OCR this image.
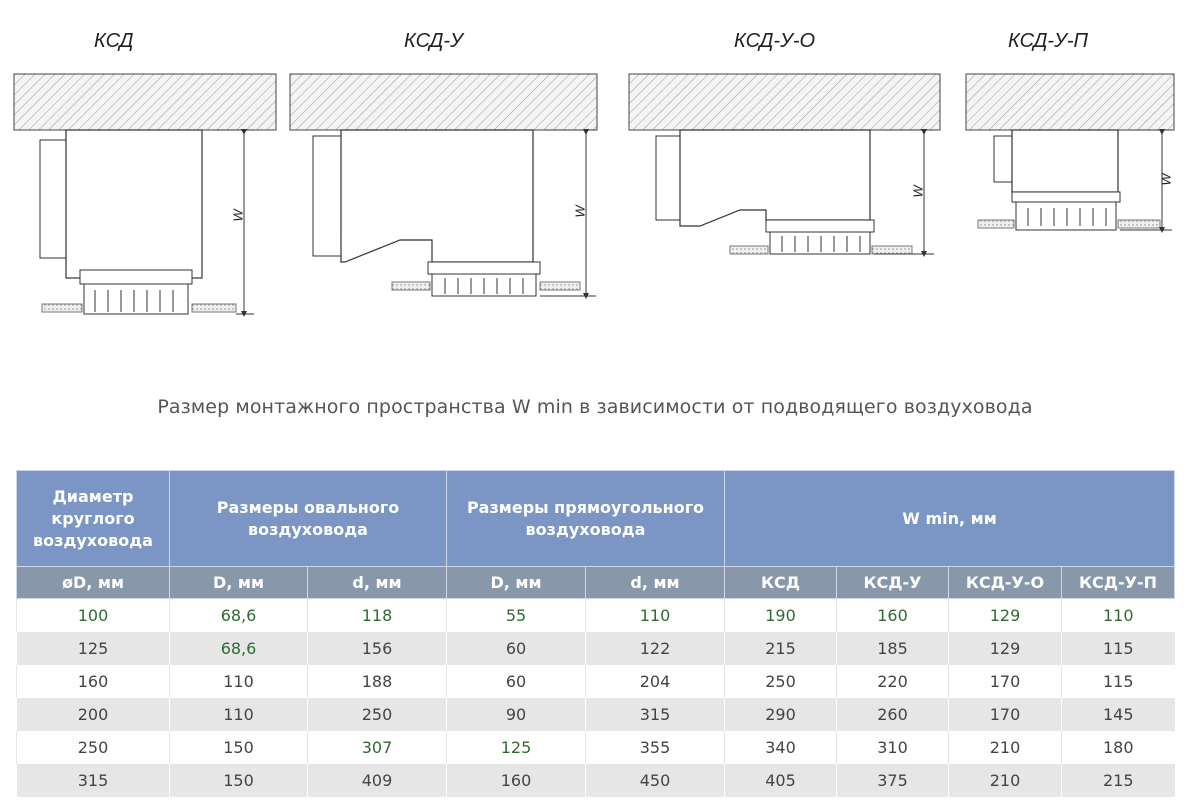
КСД	КСД-У	КСД-У-О	КСД-У-П
W	W
W
W
Размер монтажного пространства W min в зависимости от подводящего воздуховода
Диаметр круглого воздуховода	Размеры овального воздуховода		Размеры прямоугольного воздуховода		W min, мм			
øD, мм	D, мм	d, мм	D, мм	d, мм	КСД	КСД-У	КСД-У-О	КСД-У-П
100	68,6	118	55	110	190	160	129	110
125	68,6	156	60	122	215	185	129	115
160	110	188	60	204	250	220	170	115
200	110	250	90	315	290	260	170	145
250	150	307	125	355	340	310	210	180
315	150	409	160	450	405	375	210	215
